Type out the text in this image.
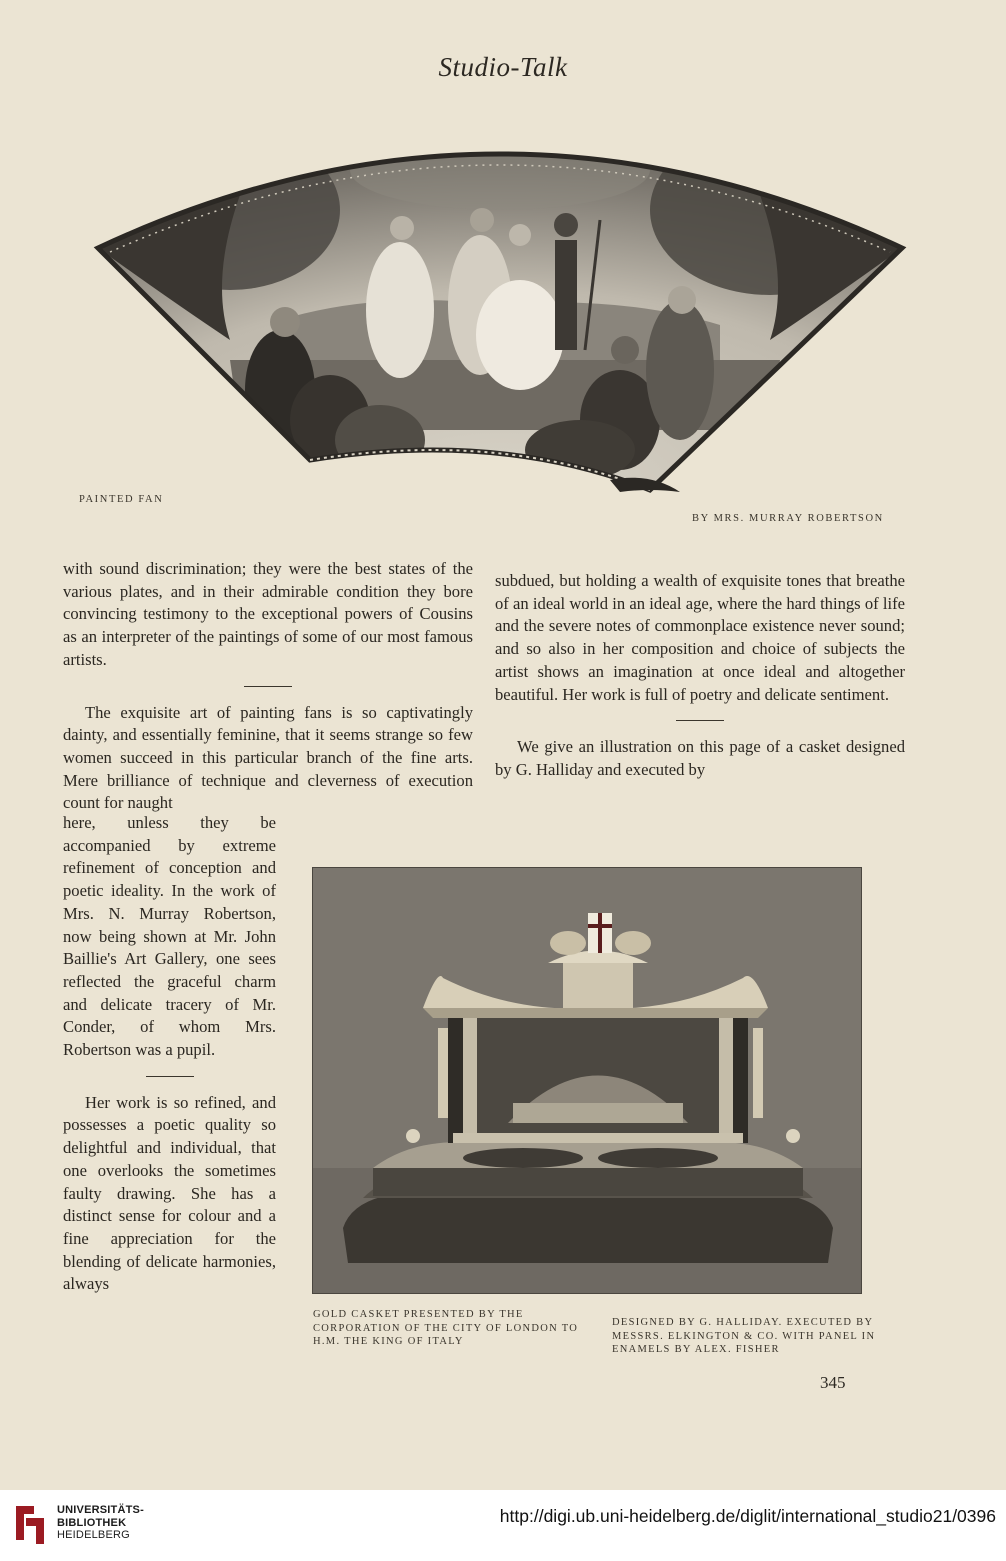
Studio-Talk
PAINTED FAN
BY MRS. MURRAY ROBERTSON

with sound discrimination; they were the best states of the various plates, and in their admirable condition they bore convincing testimony to the exceptional powers of Cousins as an interpreter of the paintings of some of our most famous artists.

The exquisite art of painting fans is so captivatingly dainty, and essentially feminine, that it seems strange so few women succeed in this particular branch of the fine arts. Mere brilliance of technique and cleverness of execution count for naught

here, unless they be accompanied by extreme refinement of conception and poetic ideality. In the work of Mrs. N. Murray Robertson, now being shown at Mr. John Baillie's Art Gallery, one sees reflected the graceful charm and delicate tracery of Mr. Conder, of whom Mrs. Robertson was a pupil.

Her work is so refined, and possesses a poetic quality so delightful and individual, that one overlooks the sometimes faulty drawing. She has a distinct sense for colour and a fine appreciation for the blending of delicate harmonies, always

subdued, but holding a wealth of exquisite tones that breathe of an ideal world in an ideal age, where the hard things of life and the severe notes of commonplace existence never sound; and so also in her composition and choice of subjects the artist shows an imagination at once ideal and altogether beautiful. Her work is full of poetry and delicate sentiment.

We give an illustration on this page of a casket designed by G. Halliday and executed by

GOLD CASKET PRESENTED BY THE CORPORATION OF THE CITY OF LONDON TO H.M. THE KING OF ITALY
DESIGNED BY G. HALLIDAY. EXECUTED BY MESSRS. ELKINGTON & CO. WITH PANEL IN ENAMELS BY ALEX. FISHER
345
UNIVERSITÄTS-
BIBLIOTHEK
HEIDELBERG
http://digi.ub.uni-heidelberg.de/diglit/international_studio21/0396
